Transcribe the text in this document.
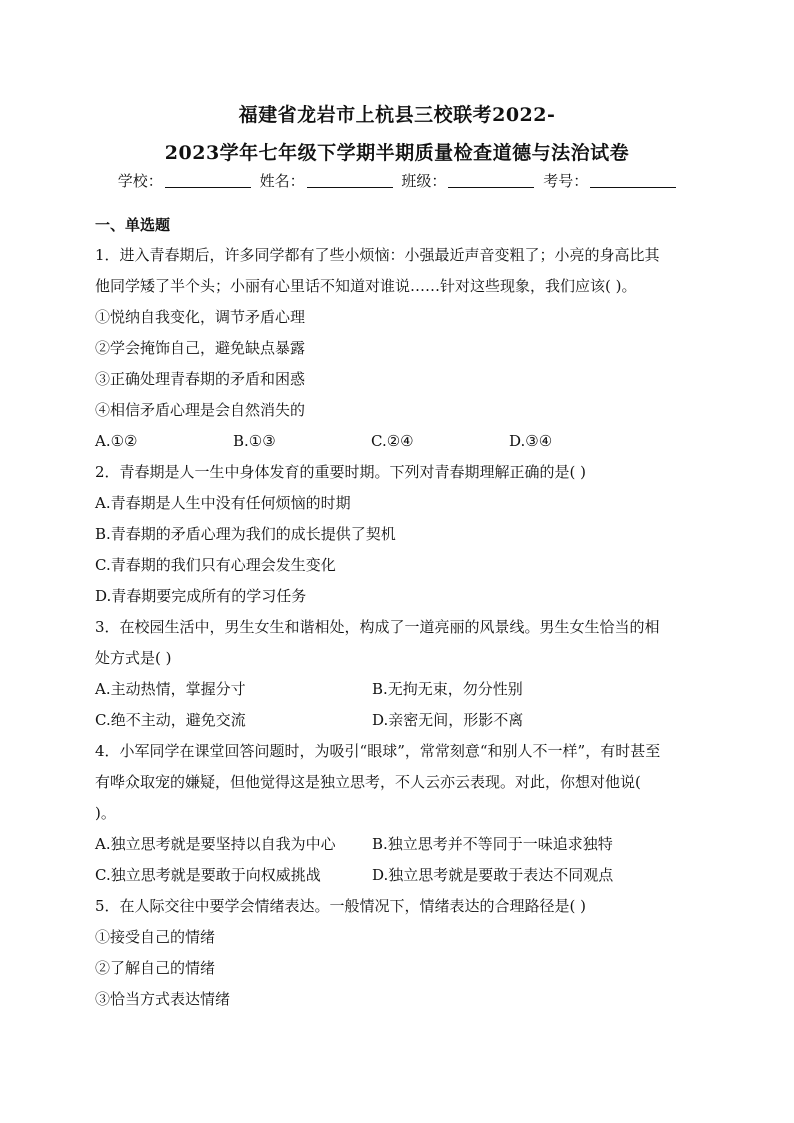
福建省龙岩市上杭县三校联考2022-
2023学年七年级下学期半期质量检查道德与法治试卷
学校：	姓名：	班级：	考号：
一、单选题
1．进入青春期后，许多同学都有了些小烦恼：小强最近声音变粗了；小亮的身高比其
他同学矮了半个头；小丽有心里话不知道对谁说……针对这些现象，我们应该( )。
①悦纳自我变化，调节矛盾心理
②学会掩饰自己，避免缺点暴露
③正确处理青春期的矛盾和困惑
④相信矛盾心理是会自然消失的
A.①②	B.①③	C.②④	D.③④
2．青春期是人一生中身体发育的重要时期。下列对青春期理解正确的是( )
A.青春期是人生中没有任何烦恼的时期
B.青春期的矛盾心理为我们的成长提供了契机
C.青春期的我们只有心理会发生变化
D.青春期要完成所有的学习任务
3．在校园生活中，男生女生和谐相处，构成了一道亮丽的风景线。男生女生恰当的相
处方式是( )
A.主动热情，掌握分寸	B.无拘无束，勿分性别
C.绝不主动，避免交流	D.亲密无间，形影不离
4．小军同学在课堂回答问题时，为吸引“眼球”，常常刻意“和别人不一样”，有时甚至
有哗众取宠的嫌疑，但他觉得这是独立思考，不人云亦云表现。对此，你想对他说(
)。
A.独立思考就是要坚持以自我为中心	B.独立思考并不等同于一味追求独特
C.独立思考就是要敢于向权威挑战	D.独立思考就是要敢于表达不同观点
5．在人际交往中要学会情绪表达。一般情况下，情绪表达的合理路径是( )
①接受自己的情绪
②了解自己的情绪
③恰当方式表达情绪
